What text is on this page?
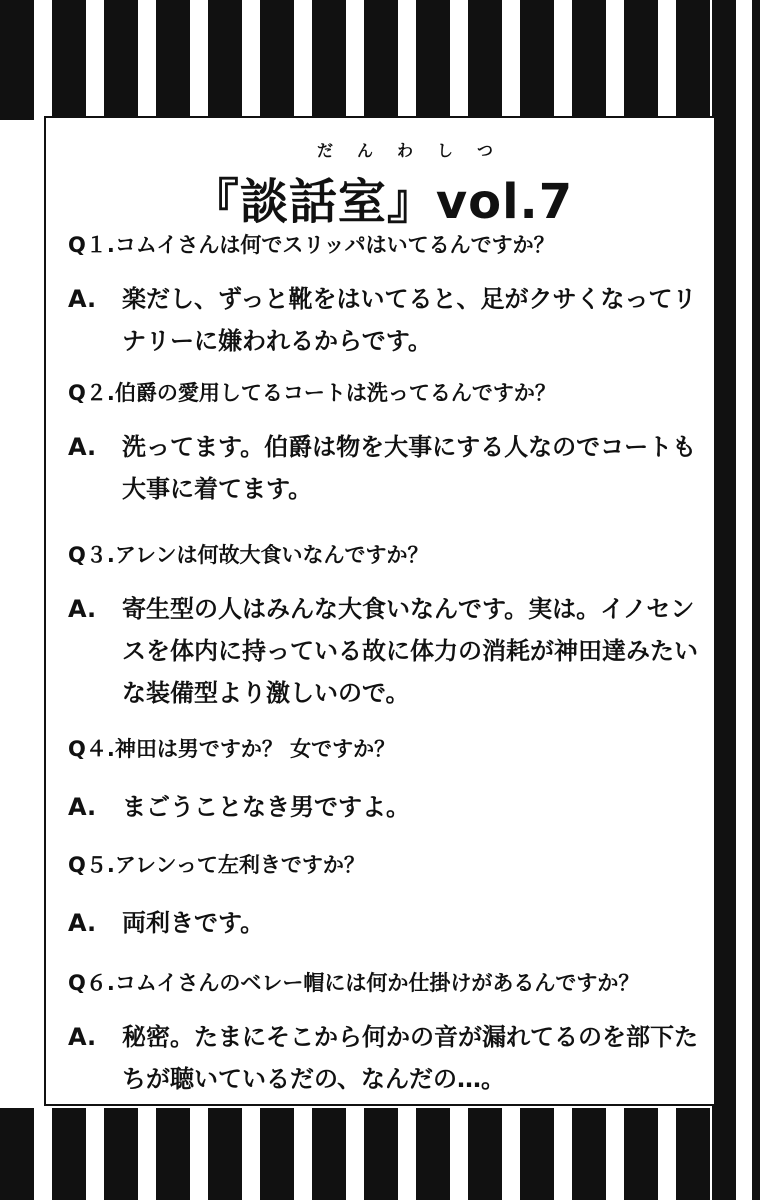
だんわしつ
『談話室』vol.7
Q１.コムイさんは何でスリッパはいてるんですか？
A.	楽だし、ずっと靴をはいてると、足がクサくなってリナリーに嫌われるからです。
Q２.伯爵の愛用してるコートは洗ってるんですか？
A.	洗ってます。伯爵は物を大事にする人なのでコートも大事に着てます。
Q３.アレンは何故大食いなんですか？
A.	寄生型の人はみんな大食いなんです。実は。イノセンスを体内に持っている故に体力の消耗が神田達みたいな装備型より激しいので。
Q４.神田は男ですか？ 女ですか？
A.	まごうことなき男ですよ。
Q５.アレンって左利きですか？
A.	両利きです。
Q６.コムイさんのベレー帽には何か仕掛けがあるんですか？
A.	秘密。たまにそこから何かの音が漏れてるのを部下たちが聴いているだの、なんだの…。
